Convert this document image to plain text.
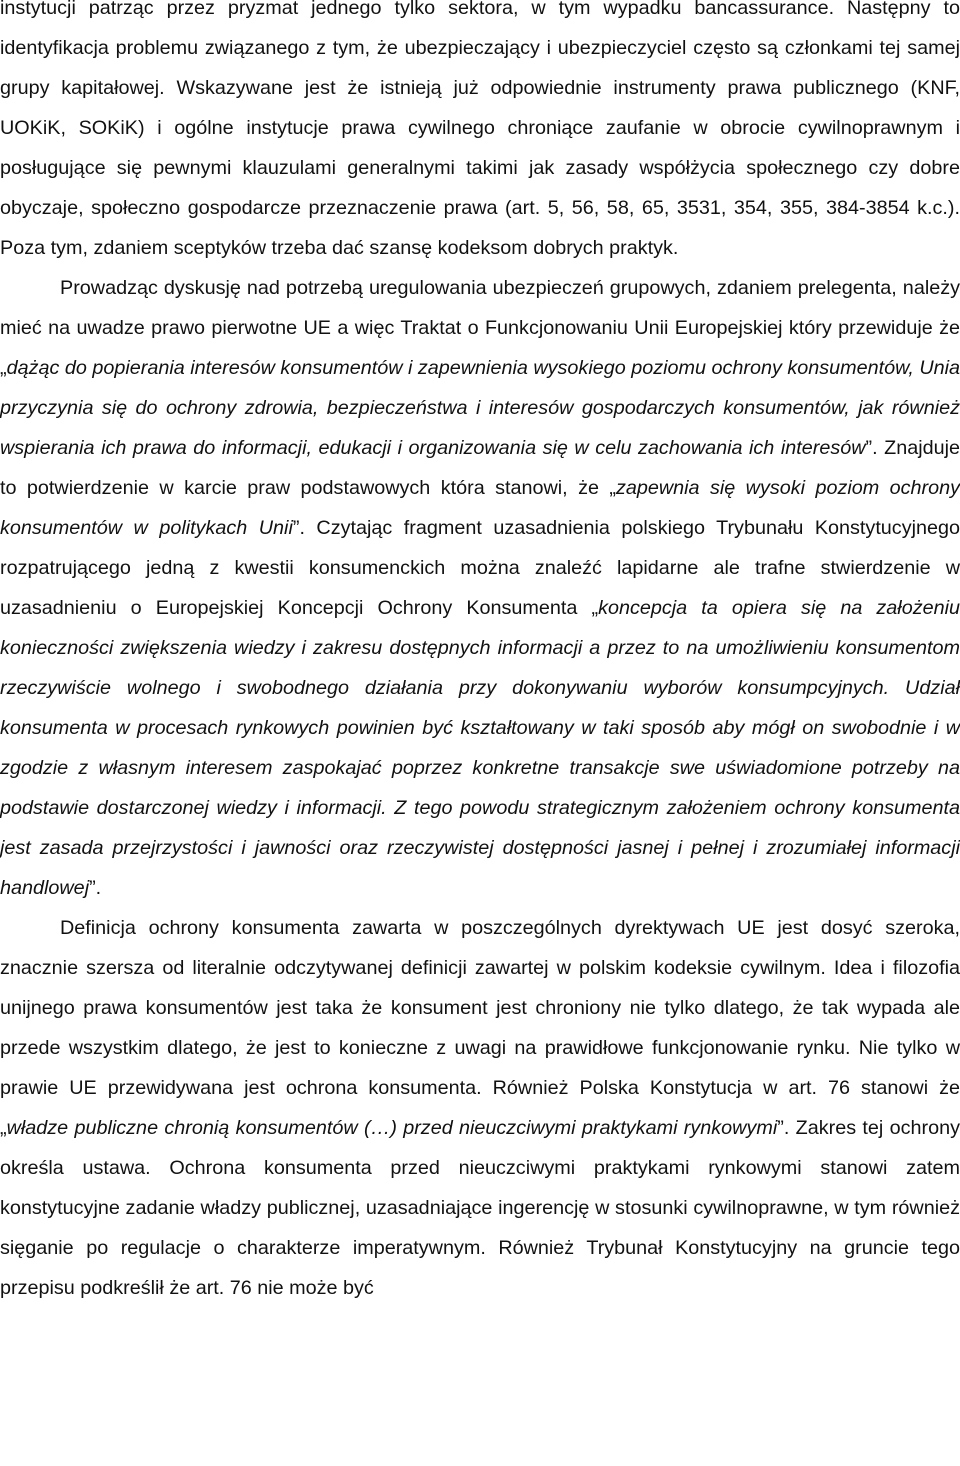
instytucji patrząc przez pryzmat jednego tylko sektora, w tym wypadku bancassurance. Następny to identyfikacja problemu związanego z tym, że ubezpieczający i ubezpieczyciel często są członkami tej samej grupy kapitałowej. Wskazywane jest że istnieją już odpowiednie instrumenty prawa publicznego (KNF, UOKiK, SOKiK) i ogólne instytucje prawa cywilnego chroniące zaufanie w obrocie cywilnoprawnym i posługujące się pewnymi klauzulami generalnymi takimi jak zasady współżycia społecznego czy dobre obyczaje, społeczno gospodarcze przeznaczenie prawa (art. 5, 56, 58, 65, 3531, 354, 355, 384-3854 k.c.). Poza tym, zdaniem sceptyków trzeba dać szansę kodeksom dobrych praktyk.

Prowadząc dyskusję nad potrzebą uregulowania ubezpieczeń grupowych, zdaniem prelegenta, należy mieć na uwadze prawo pierwotne UE a więc Traktat o Funkcjonowaniu Unii Europejskiej który przewiduje że „dążąc do popierania interesów konsumentów i zapewnienia wysokiego poziomu ochrony konsumentów, Unia przyczynia się do ochrony zdrowia, bezpieczeństwa i interesów gospodarczych konsumentów, jak również wspierania ich prawa do informacji, edukacji i organizowania się w celu zachowania ich interesów”. Znajduje to potwierdzenie w karcie praw podstawowych która stanowi, że „zapewnia się wysoki poziom ochrony konsumentów w politykach Unii”. Czytając fragment uzasadnienia polskiego Trybunału Konstytucyjnego rozpatrującego jedną z kwestii konsumenckich można znaleźć lapidarne ale trafne stwierdzenie w uzasadnieniu o Europejskiej Koncepcji Ochrony Konsumenta „koncepcja ta opiera się na założeniu konieczności zwiększenia wiedzy i zakresu dostępnych informacji a przez to na umożliwieniu konsumentom rzeczywiście wolnego i swobodnego działania przy dokonywaniu wyborów konsumpcyjnych. Udział konsumenta w procesach rynkowych powinien być kształtowany w taki sposób aby mógł on swobodnie i w zgodzie z własnym interesem zaspokajać poprzez konkretne transakcje swe uświadomione potrzeby na podstawie dostarczonej wiedzy i informacji. Z tego powodu strategicznym założeniem ochrony konsumenta jest zasada przejrzystości i jawności oraz rzeczywistej dostępności jasnej i pełnej i zrozumiałej informacji handlowej”.

Definicja ochrony konsumenta zawarta w poszczególnych dyrektywach UE jest dosyć szeroka, znacznie szersza od literalnie odczytywanej definicji zawartej w polskim kodeksie cywilnym. Idea i filozofia unijnego prawa konsumentów jest taka że konsument jest chroniony nie tylko dlatego, że tak wypada ale przede wszystkim dlatego, że jest to konieczne z uwagi na prawidłowe funkcjonowanie rynku. Nie tylko w prawie UE przewidywana jest ochrona konsumenta. Również Polska Konstytucja w art. 76 stanowi że „władze publiczne chronią konsumentów (…) przed nieuczciwymi praktykami rynkowymi”. Zakres tej ochrony określa ustawa. Ochrona konsumenta przed nieuczciwymi praktykami rynkowymi stanowi zatem konstytucyjne zadanie władzy publicznej, uzasadniające ingerencję w stosunki cywilnoprawne, w tym również sięganie po regulacje o charakterze imperatywnym. Również Trybunał Konstytucyjny na gruncie tego przepisu podkreślił że art. 76 nie może być
